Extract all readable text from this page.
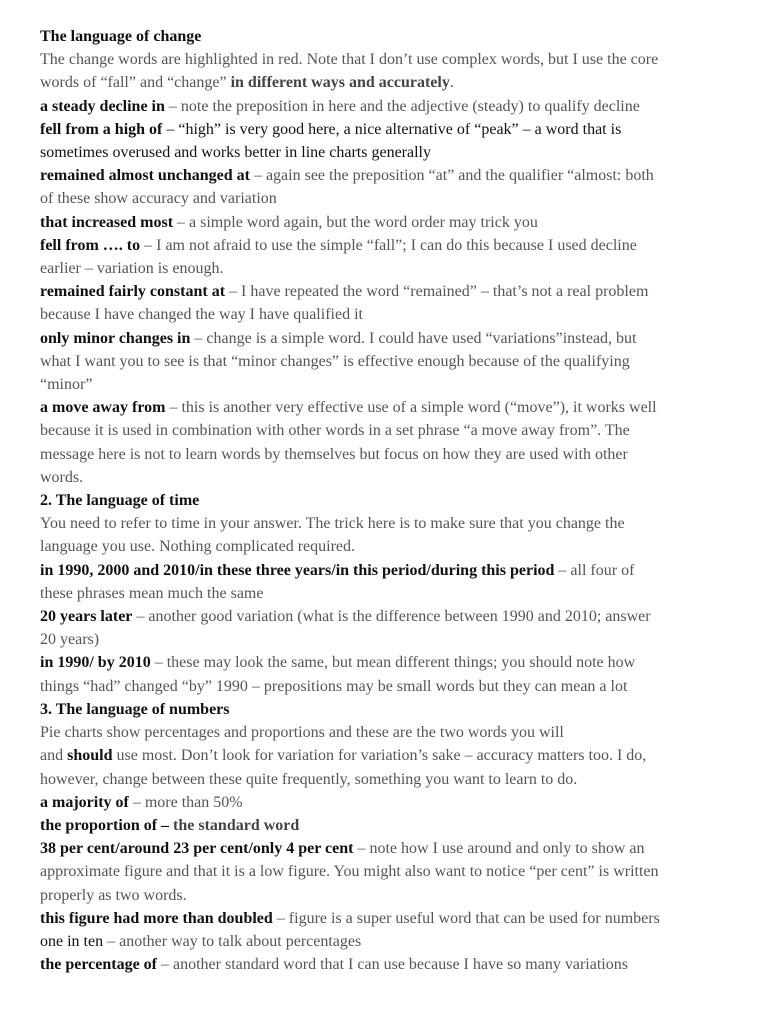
The language of change
The change words are highlighted in red. Note that I don’t use complex words, but I use the core
words of “fall” and “change” in different ways and accurately.
a steady decline in – note the preposition in here and the adjective (steady) to qualify decline
fell from a high of – “high” is very good here, a nice alternative of “peak” – a word that is
sometimes overused and works better in line charts generally
remained almost unchanged at – again see the preposition “at” and the qualifier “almost: both
of these show accuracy and variation
that increased most – a simple word again, but the word order may trick you
fell from …. to – I am not afraid to use the simple “fall”; I can do this because I used decline
earlier – variation is enough.
remained fairly constant at – I have repeated the word “remained” – that’s not a real problem
because I have changed the way I have qualified it
only minor changes in – change is a simple word. I could have used “variations”instead, but
what I want you to see is that “minor changes” is effective enough because of the qualifying
“minor”
a move away from – this is another very effective use of a simple word (“move”), it works well
because it is used in combination with other words in a set phrase “a move away from”. The
message here is not to learn words by themselves but focus on how they are used with other
words.
2. The language of time
You need to refer to time in your answer. The trick here is to make sure that you change the
language you use. Nothing complicated required.
in 1990, 2000 and 2010/in these three years/in this period/during this period – all four of
these phrases mean much the same
20 years later – another good variation (what is the difference between 1990 and 2010; answer
20 years)
in 1990/ by 2010 – these may look the same, but mean different things; you should note how
things “had” changed “by” 1990 – prepositions may be small words but they can mean a lot
3. The language of numbers
Pie charts show percentages and proportions and these are the two words you will
and should use most. Don’t look for variation for variation’s sake – accuracy matters too. I do,
however, change between these quite frequently, something you want to learn to do.
a majority of – more than 50%
the proportion of – the standard word
38 per cent/around 23 per cent/only 4 per cent – note how I use around and only to show an
approximate figure and that it is a low figure. You might also want to notice “per cent” is written
properly as two words.
this figure had more than doubled – figure is a super useful word that can be used for numbers
one in ten – another way to talk about percentages
the percentage of – another standard word that I can use because I have so many variations
